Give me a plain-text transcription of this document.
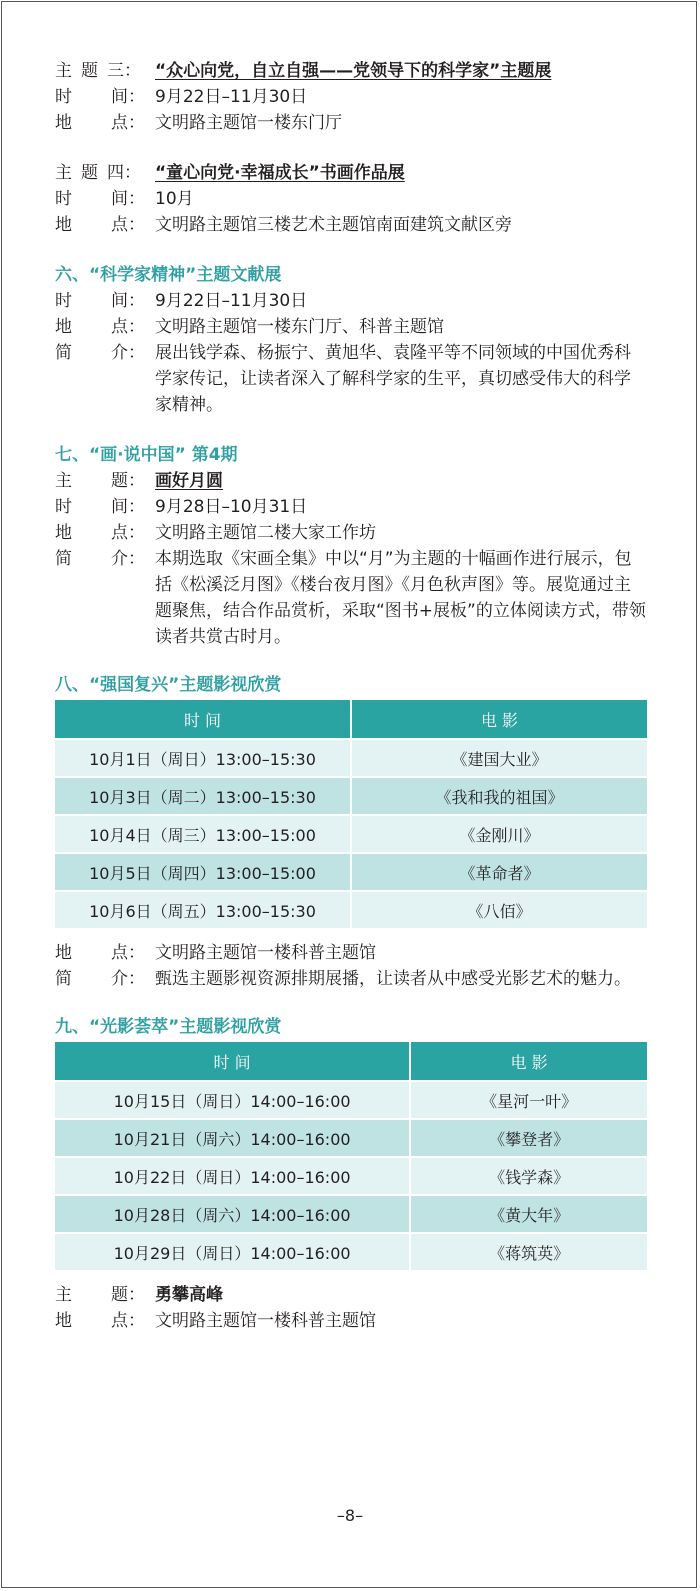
主 题 三： “众心向党，自立自强——党领导下的科学家”主题展
时	间： 9月22日–11月30日
地	点： 文明路主题馆一楼东门厅
主 题 四： “童心向党·幸福成长”书画作品展
时	间： 10月
地	点： 文明路主题馆三楼艺术主题馆南面建筑文献区旁
六、“科学家精神”主题文献展
时	间： 9月22日–11月30日
地	点： 文明路主题馆一楼东门厅、科普主题馆
简	介： 展出钱学森、杨振宁、黄旭华、袁隆平等不同领域的中国优秀科学家传记，让读者深入了解科学家的生平，真切感受伟大的科学家精神。
七、“画·说中国” 第4期
主	题： 画好月圆
时	间： 9月28日–10月31日
地	点： 文明路主题馆二楼大家工作坊
简	介： 本期选取《宋画全集》中以“月”为主题的十幅画作进行展示，包括《松溪泛月图》《楼台夜月图》《月色秋声图》等。展览通过主题聚焦，结合作品赏析，采取“图书+展板”的立体阅读方式，带领读者共赏古时月。
八、“强国复兴”主题影视欣赏
时 间	电 影
10月1日（周日）13:00–15:30	《建国大业》
10月3日（周二）13:00–15:30	《我和我的祖国》
10月4日（周三）13:00–15:00	《金刚川》
10月5日（周四）13:00–15:00	《革命者》
10月6日（周五）13:00–15:30	《八佰》
地	点： 文明路主题馆一楼科普主题馆
简	介： 甄选主题影视资源排期展播，让读者从中感受光影艺术的魅力。
九、“光影荟萃”主题影视欣赏
时 间	电 影
10月15日（周日）14:00–16:00	《星河一叶》
10月21日（周六）14:00–16:00	《攀登者》
10月22日（周日）14:00–16:00	《钱学森》
10月28日（周六）14:00–16:00	《黄大年》
10月29日（周日）14:00–16:00	《蒋筑英》
主	题： 勇攀高峰
地	点： 文明路主题馆一楼科普主题馆
–8–
